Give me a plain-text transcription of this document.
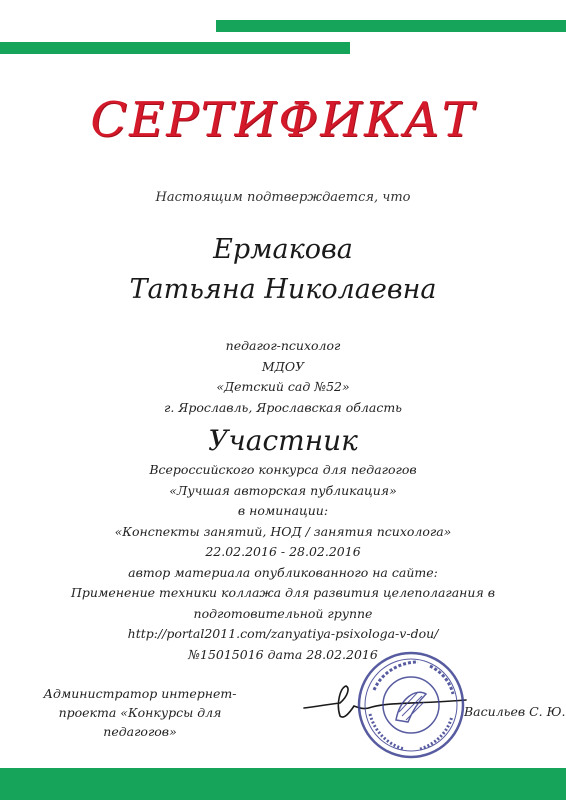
СЕРТИФИКАТ
Настоящим подтверждается, что
Ермакова
Татьяна Николаевна
педагог-психолог
МДОУ
«Детский сад №52»
г. Ярославль, Ярославская область
Участник
Всероссийского конкурса для педагогов
«Лучшая авторская публикация»
в номинации:
«Конспекты занятий, НОД / занятия психолога»
22.02.2016 - 28.02.2016
автор материала опубликованного на сайте:
Применение техники коллажа для развития целеполагания в
подготовительной группе
http://portal2011.com/zanyatiya-psixologa-v-dou/
№15015016 дата 28.02.2016
Администратор интернет-проекта «Конкурсы для педагогов»
Васильев С. Ю.
